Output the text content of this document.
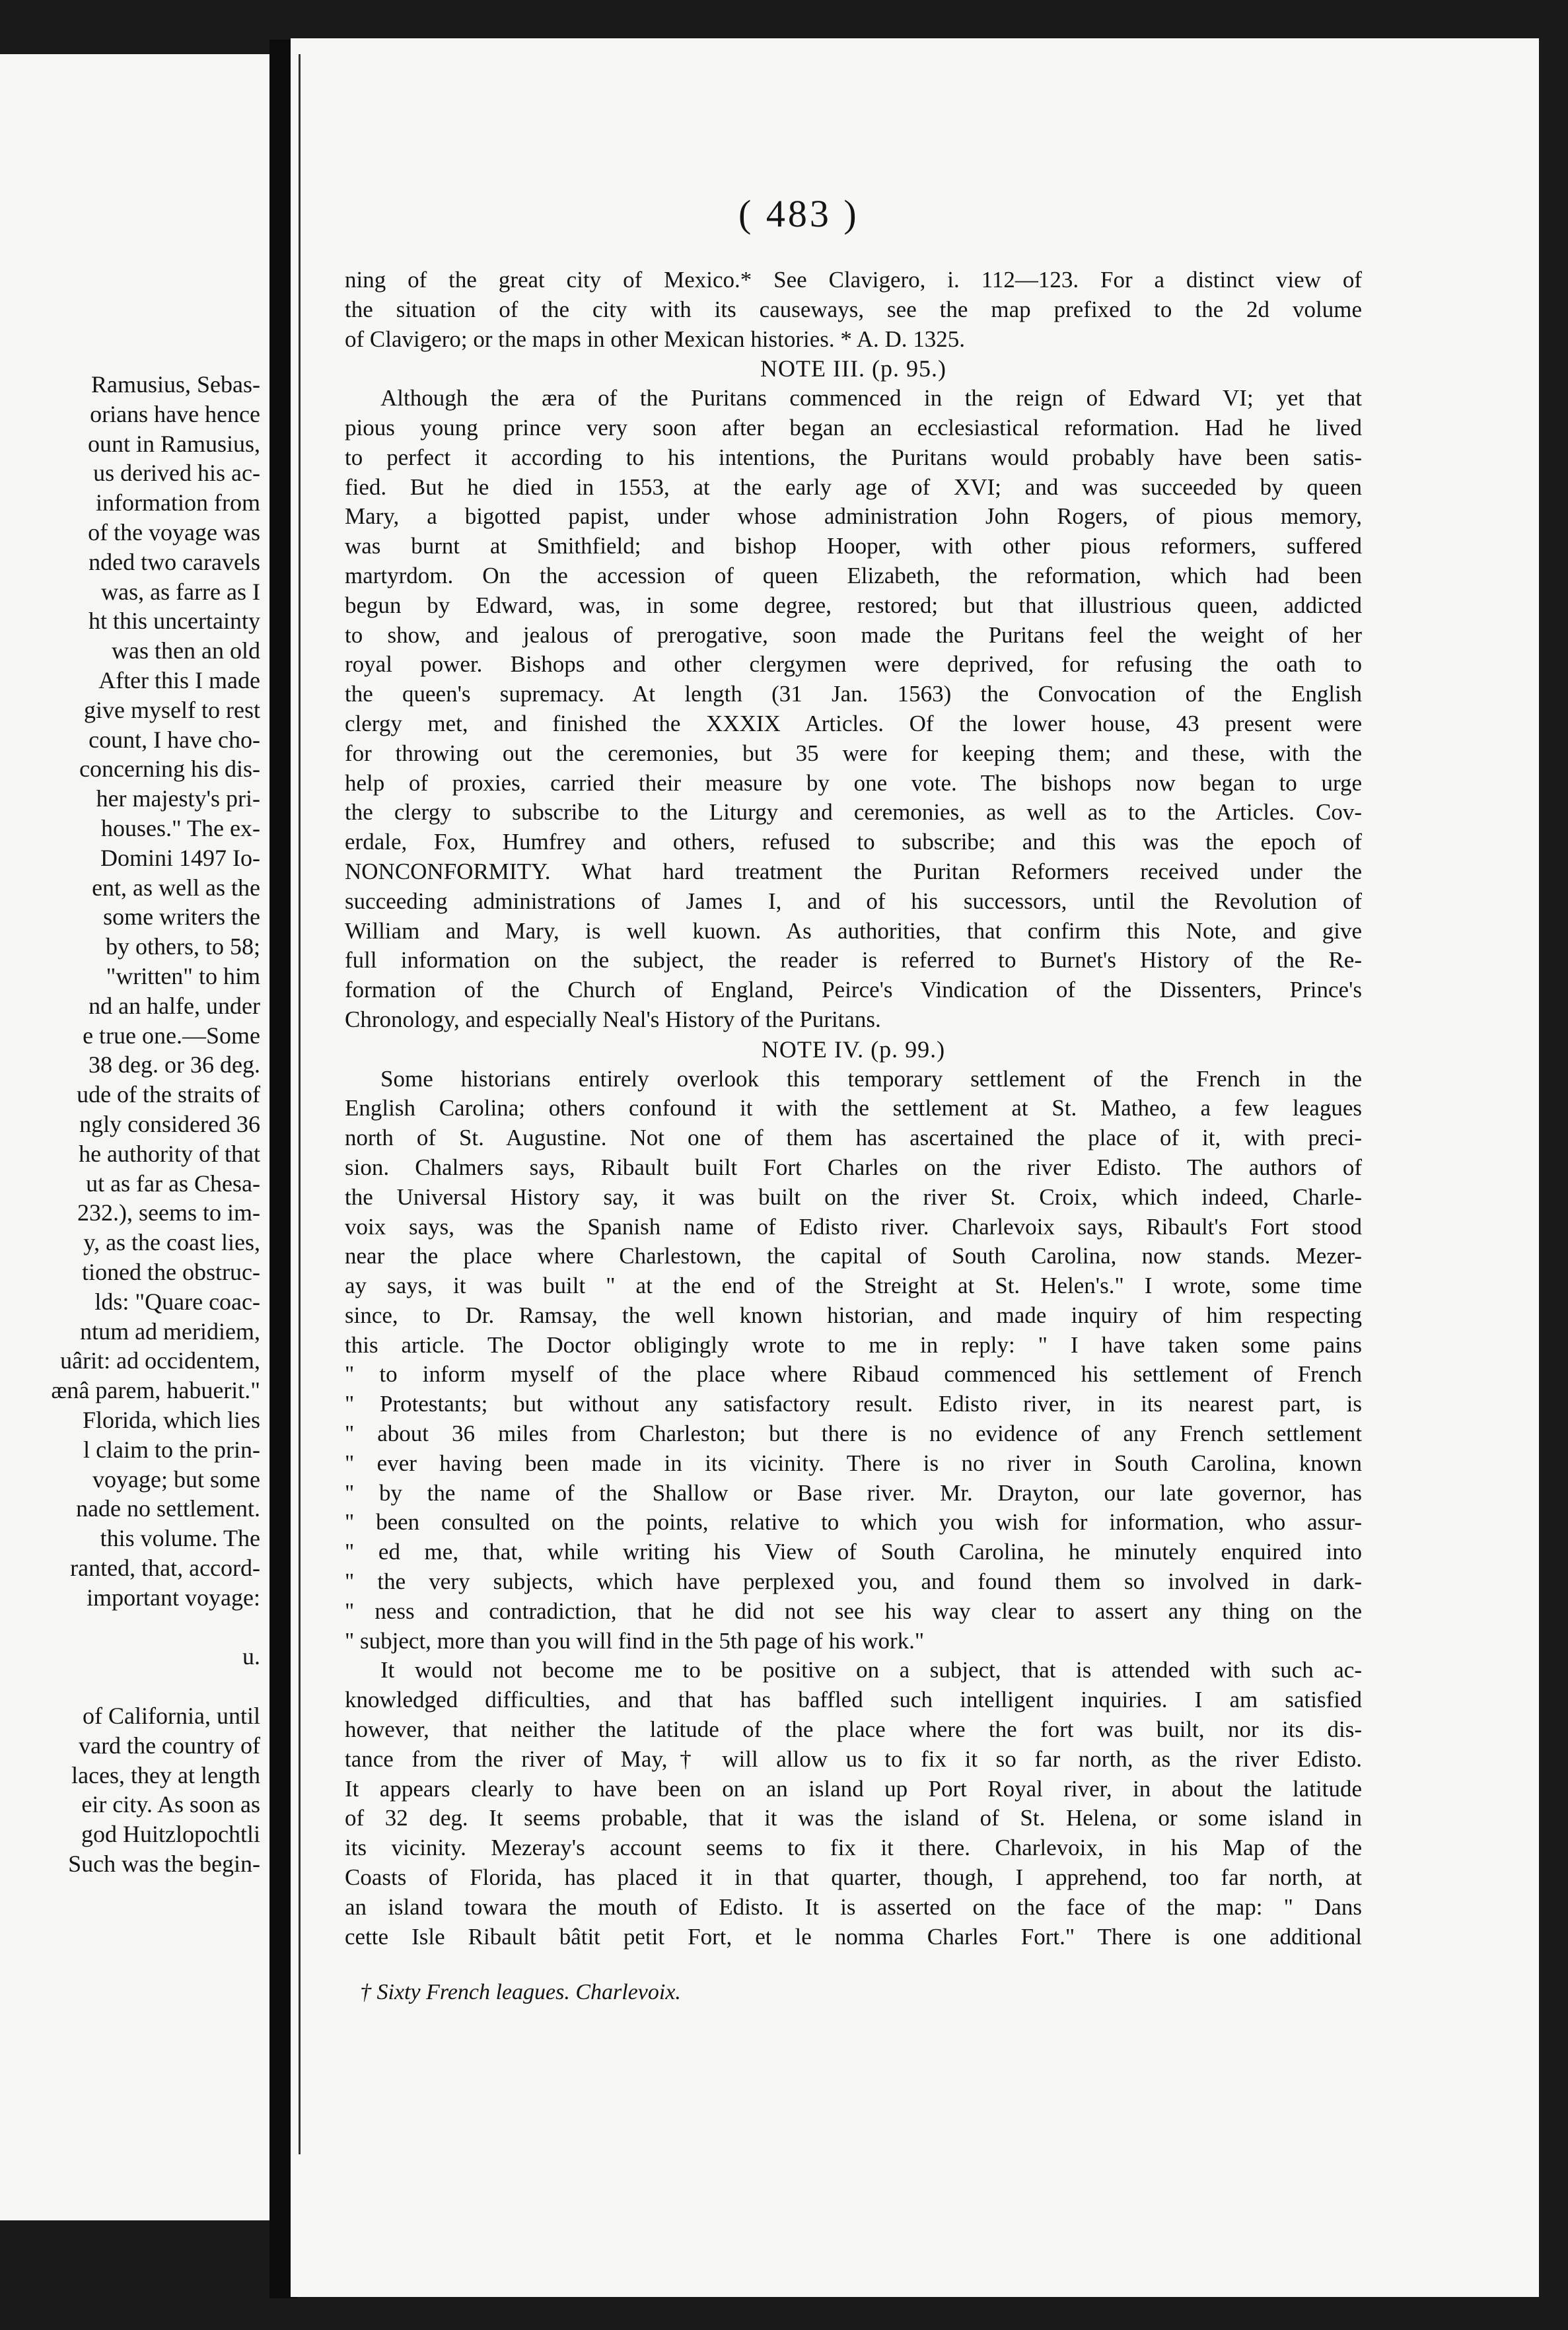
Ramusius, Sebas-
orians have hence
ount in Ramusius,
us derived his ac-
information from
of the voyage was
nded two caravels
was, as farre as I
ht this uncertainty
was then an old
After this I made
give myself to rest
count, I have cho-
concerning his dis-
her majesty's pri-
houses." The ex-
Domini 1497 Io-
ent, as well as the
some writers the
by others, to 58;
"written" to him
nd an halfe, under
e true one.—Some
38 deg. or 36 deg.
ude of the straits of
ngly considered 36
he authority of that
ut as far as Chesa-
232.), seems to im-
y, as the coast lies,
tioned the obstruc-
lds: "Quare coac-
ntum ad meridiem,
uârit: ad occidentem,
ænâ parem, habuerit."
Florida, which lies
l claim to the prin-
voyage; but some
nade no settlement.
this volume. The
ranted, that, accord-
important voyage:
u.
of California, until
vard the country of
laces, they at length
eir city. As soon as
god Huitzlopochtli
Such was the begin-
( 483 )
ning of the great city of Mexico.* See Clavigero, i. 112—123. For a distinct view of
the situation of the city with its causeways, see the map prefixed to the 2d volume
of Clavigero; or the maps in other Mexican histories. * A. D. 1325.
NOTE III. (p. 95.)
Although the æra of the Puritans commenced in the reign of Edward VI; yet that
pious young prince very soon after began an ecclesiastical reformation. Had he lived
to perfect it according to his intentions, the Puritans would probably have been satis-
fied. But he died in 1553, at the early age of XVI; and was succeeded by queen
Mary, a bigotted papist, under whose administration John Rogers, of pious memory,
was burnt at Smithfield; and bishop Hooper, with other pious reformers, suffered
martyrdom. On the accession of queen Elizabeth, the reformation, which had been
begun by Edward, was, in some degree, restored; but that illustrious queen, addicted
to show, and jealous of prerogative, soon made the Puritans feel the weight of her
royal power. Bishops and other clergymen were deprived, for refusing the oath to
the queen's supremacy. At length (31 Jan. 1563) the Convocation of the English
clergy met, and finished the XXXIX Articles. Of the lower house, 43 present were
for throwing out the ceremonies, but 35 were for keeping them; and these, with the
help of proxies, carried their measure by one vote. The bishops now began to urge
the clergy to subscribe to the Liturgy and ceremonies, as well as to the Articles. Cov-
erdale, Fox, Humfrey and others, refused to subscribe; and this was the epoch of
NONCONFORMITY. What hard treatment the Puritan Reformers received under the
succeeding administrations of James I, and of his successors, until the Revolution of
William and Mary, is well kuown. As authorities, that confirm this Note, and give
full information on the subject, the reader is referred to Burnet's History of the Re-
formation of the Church of England, Peirce's Vindication of the Dissenters, Prince's
Chronology, and especially Neal's History of the Puritans.
NOTE IV. (p. 99.)
Some historians entirely overlook this temporary settlement of the French in the
English Carolina; others confound it with the settlement at St. Matheo, a few leagues
north of St. Augustine. Not one of them has ascertained the place of it, with preci-
sion. Chalmers says, Ribault built Fort Charles on the river Edisto. The authors of
the Universal History say, it was built on the river St. Croix, which indeed, Charle-
voix says, was the Spanish name of Edisto river. Charlevoix says, Ribault's Fort stood
near the place where Charlestown, the capital of South Carolina, now stands. Mezer-
ay says, it was built " at the end of the Streight at St. Helen's." I wrote, some time
since, to Dr. Ramsay, the well known historian, and made inquiry of him respecting
this article. The Doctor obligingly wrote to me in reply: " I have taken some pains
" to inform myself of the place where Ribaud commenced his settlement of French
" Protestants; but without any satisfactory result. Edisto river, in its nearest part, is
" about 36 miles from Charleston; but there is no evidence of any French settlement
" ever having been made in its vicinity. There is no river in South Carolina, known
" by the name of the Shallow or Base river. Mr. Drayton, our late governor, has
" been consulted on the points, relative to which you wish for information, who assur-
" ed me, that, while writing his View of South Carolina, he minutely enquired into
" the very subjects, which have perplexed you, and found them so involved in dark-
" ness and contradiction, that he did not see his way clear to assert any thing on the
" subject, more than you will find in the 5th page of his work."
It would not become me to be positive on a subject, that is attended with such ac-
knowledged difficulties, and that has baffled such intelligent inquiries. I am satisfied
however, that neither the latitude of the place where the fort was built, nor its dis-
tance from the river of May,† will allow us to fix it so far north, as the river Edisto.
It appears clearly to have been on an island up Port Royal river, in about the latitude
of 32 deg. It seems probable, that it was the island of St. Helena, or some island in
its vicinity. Mezeray's account seems to fix it there. Charlevoix, in his Map of the
Coasts of Florida, has placed it in that quarter, though, I apprehend, too far north, at
an island towara the mouth of Edisto. It is asserted on the face of the map: " Dans
cette Isle Ribault bâtit petit Fort, et le nomma Charles Fort." There is one additional
† Sixty French leagues. Charlevoix.
